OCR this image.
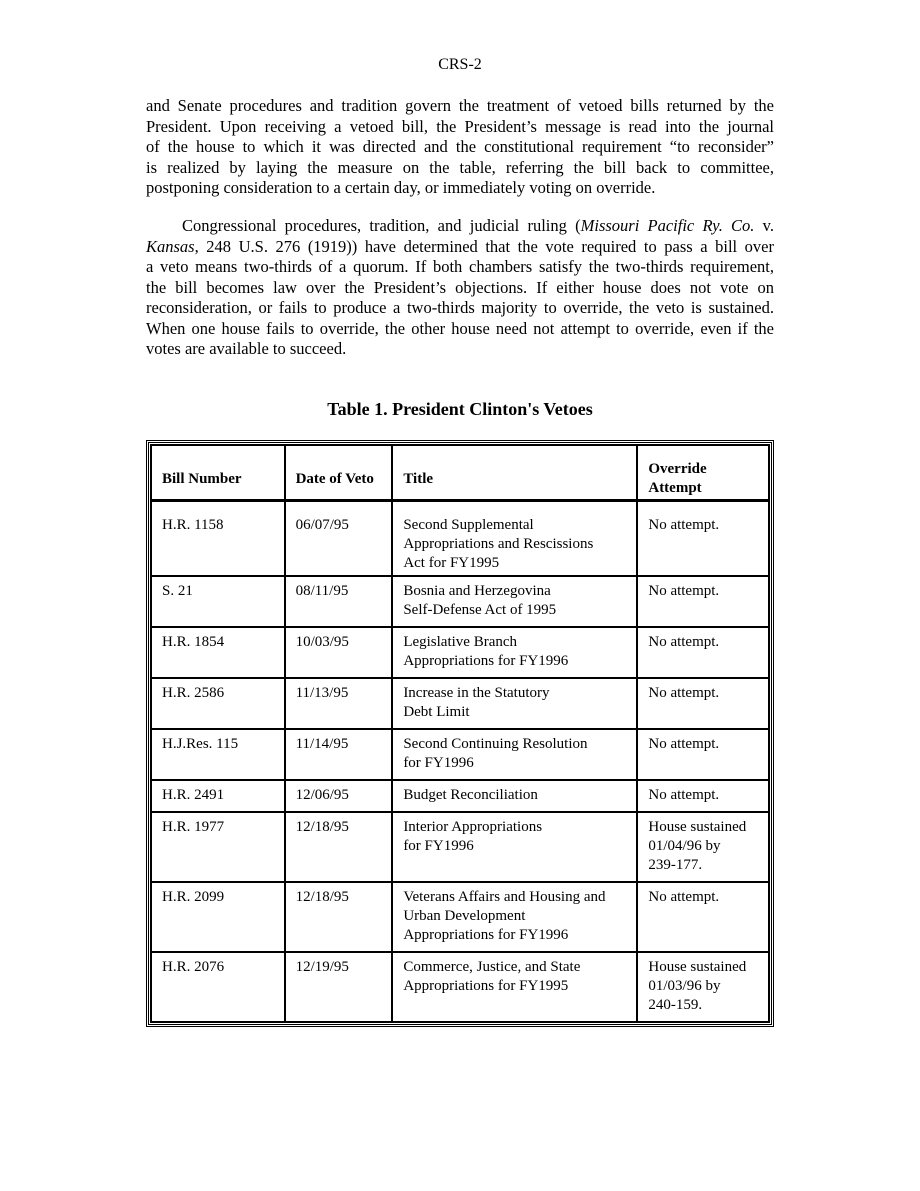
CRS-2

and Senate procedures and tradition govern the treatment of vetoed bills returned by the
President. Upon receiving a vetoed bill, the President’s message is read into the journal
of the house to which it was directed and the constitutional requirement “to reconsider”
is realized by laying the measure on the table, referring the bill back to committee,
postponing consideration to a certain day, or immediately voting on override.

Congressional procedures, tradition, and judicial ruling (Missouri Pacific Ry. Co. v.
Kansas, 248 U.S. 276 (1919)) have determined that the vote required to pass a bill over
a veto means two-thirds of a quorum. If both chambers satisfy the two-thirds requirement,
the bill becomes law over the President’s objections. If either house does not vote on
reconsideration, or fails to produce a two-thirds majority to override, the veto is sustained.
When one house fails to override, the other house need not attempt to override, even if the
votes are available to succeed.

Table 1. President Clinton's Vetoes
Bill Number	Date of Veto	Title	Override
Attempt
H.R. 1158	06/07/95	Second Supplemental
Appropriations and Rescissions
Act for FY1995	No attempt.
S. 21	08/11/95	Bosnia and Herzegovina
Self-Defense Act of 1995	No attempt.
H.R. 1854	10/03/95	Legislative Branch
Appropriations for FY1996	No attempt.
H.R. 2586	11/13/95	Increase in the Statutory
Debt Limit	No attempt.
H.J.Res. 115	11/14/95	Second Continuing Resolution
for FY1996	No attempt.
H.R. 2491	12/06/95	Budget Reconciliation	No attempt.
H.R. 1977	12/18/95	Interior Appropriations
for FY1996	House sustained
01/04/96 by
239-177.
H.R. 2099	12/18/95	Veterans Affairs and Housing and
Urban Development
Appropriations for FY1996	No attempt.
H.R. 2076	12/19/95	Commerce, Justice, and State
Appropriations for FY1995	House sustained
01/03/96 by
240-159.
